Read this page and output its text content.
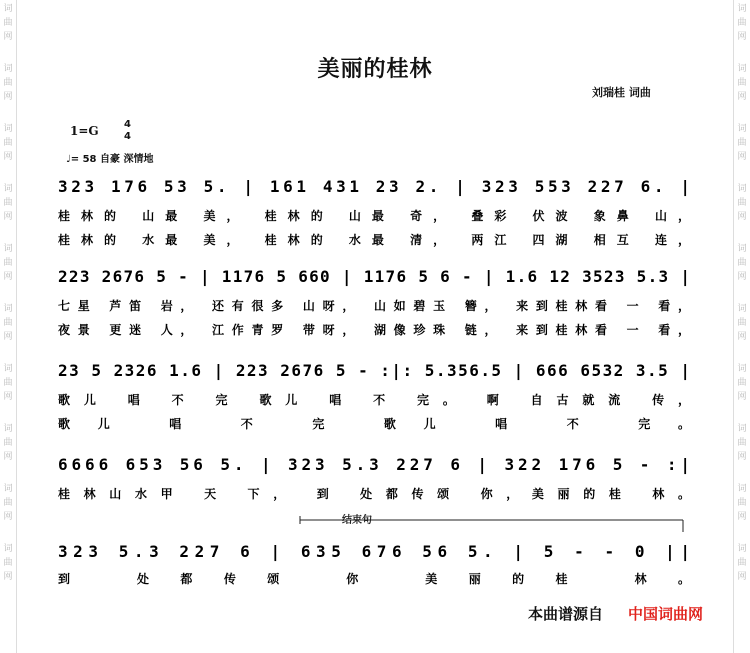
词
曲
网
词
曲
网
词
曲
网
词
曲
网
词
曲
网
词
曲
网
词
曲
网
词
曲
网
词
曲
网
词
曲
网
词
曲
网
词
曲
网
词
曲
网
词
曲
网
词
曲
网
词
曲
网
词
曲
网
词
曲
网
词
曲
网
词
曲
网
美丽的桂林
刘瑞桂 词曲
1=G	4
4
♩= 58 自豪 深情地
323 176 53 5. | 161 431 23 2. | 323 553 227 6. |
桂林的 山最 美， 桂林的 山最 奇， 叠彩 伏波 象鼻 山，
桂林的 水最 美， 桂林的 水最 清， 两江 四湖 相互 连，
223 2676 5 - | 1176 5 660 | 1176 5 6 - | 1.6 12 3523 5.3 |
七星 芦笛 岩， 还有很多 山呀， 山如碧玉 簪， 来到桂林看 一 看，
夜景 更迷 人， 江作青罗 带呀， 湖像珍珠 链， 来到桂林看 一 看，
23 5 2326 1.6 | 223 2676 5 - :|: 5.356.5 | 666 6532 3.5 |
歌儿 唱 不 完 歌儿 唱 不 完。 啊 自古就流 传，
歌儿 唱 不 完 歌儿 唱 不 完。
6666 653 56 5. | 323 5.3 227 6 | 322 176 5 - :|
桂林山水甲 天 下， 到 处都传颂 你，美丽的桂 林。
323 5.3 227 6 | 635 676 56 5. | 5 - - 0 ||
到 处都传颂 你 美丽的桂 林。
结束句
本曲谱源自 中国词曲网
